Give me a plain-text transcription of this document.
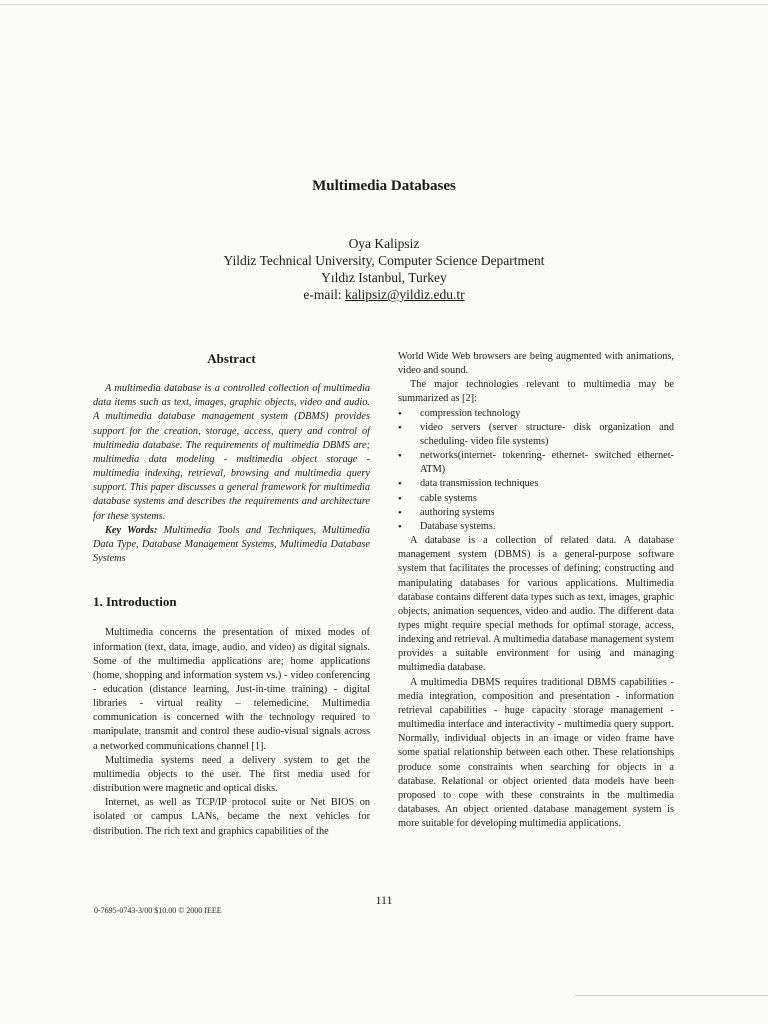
Multimedia Databases
Oya Kalipsiz
Yildiz Technical University, Computer Science Department
Yıldız Istanbul, Turkey
e-mail: kalipsiz@yildiz.edu.tr
Abstract

A multimedia database is a controlled collection of multimedia data items such as text, images, graphic objects, video and audio. A multimedia database management system (DBMS) provides support for the creation, storage, access, query and control of multimedia database. The requirements of multimedia DBMS are; multimedia data modeling - multimedia object storage - multimedia indexing, retrieval, browsing and multimedia query support. This paper discusses a general framework for multimedia database systems and describes the requirements and architecture for these systems.

Key Words: Multimedia Tools and Techniques, Multimedia Data Type, Database Management Systems, Multimedia Database Systems

1. Introduction

Multimedia concerns the presentation of mixed modes of information (text, data, image, audio, and video) as digital signals. Some of the multimedia applications are; home applications (home, shopping and information system vs.) - video conferencing - education (distance learning, Just-in-time training) - digital libraries - virtual reality – telemedicine. Multimedia communication is concerned with the technology required to manipulate, transmit and control these audio-visual signals across a networked communications channel [1].

Multimedia systems need a delivery system to get the multimedia objects to the user. The first media used for distribution were magnetic and optical disks.

Internet, as well as TCP/IP protocol suite or Net BIOS on isolated or campus LANs, became the next vehicles for distribution. The rich text and graphics capabilities of the

World Wide Web browsers are being augmented with animations, video and sound.

The major technologies relevant to multimedia may be summarized as [2]:

• compression technology
• video servers (server structure- disk organization and scheduling- video file systems)
• networks(internet- tokenring- ethernet- switched ethernet- ATM)
• data transmission techniques
• cable systems
• authoring systems
• Database systems.

A database is a collection of related data. A database management system (DBMS) is a general-purpose software system that facilitates the processes of defining; constructing and manipulating databases for various applications. Multimedia database contains different data types such as text, images, graphic objects, animation sequences, video and audio. The different data types might require special methods for optimal storage, access, indexing and retrieval. A multimedia database management system provides a suitable environment for using and managing multimedia database.

A multimedia DBMS requires traditional DBMS capabilities - media integration, composition and presentation - information retrieval capabilities - huge capacity storage management - multimedia interface and interactivity - multimedia query support. Normally, individual objects in an image or video frame have some spatial relationship between each other. These relationships produce some constraints when searching for objects in a database. Relational or object oriented data models have been proposed to cope with these constraints in the multimedia databases. An object oriented database management system is more suitable for developing multimedia applications.

111
0-7695-0743-3/00 $10.00 © 2000 IEEE
